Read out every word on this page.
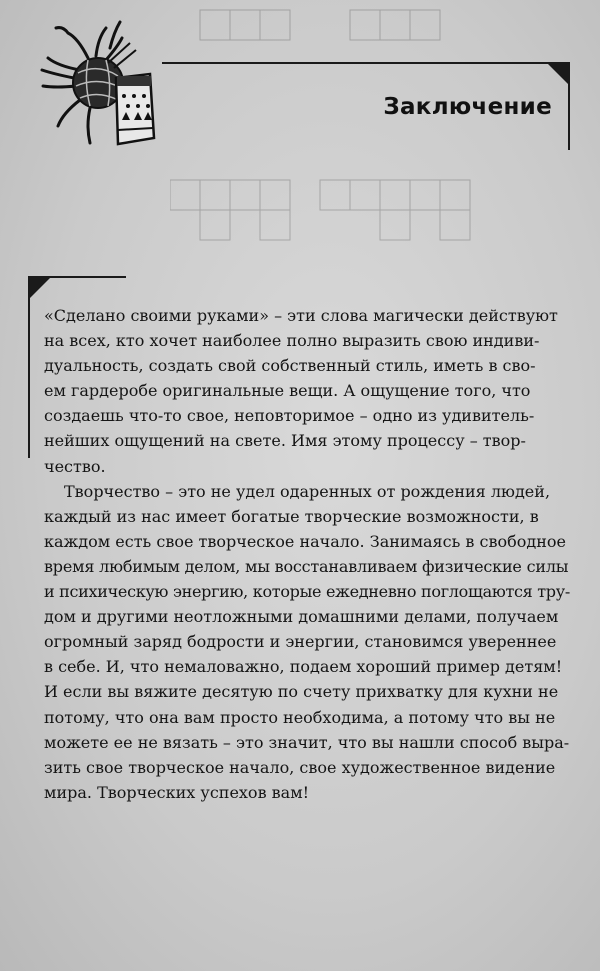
Заключение

«Сделано своими руками» – эти слова магически действуют
на всех, кто хочет наиболее полно выразить свою индиви-
дуальность, создать свой собственный стиль, иметь в сво-
ем гардеробе оригинальные вещи. А ощущение того, что
создаешь что-то свое, неповторимое – одно из удивитель-
нейших ощущений на свете. Имя этому процессу – твор-
чество.

Творчество – это не удел одаренных от рождения людей,
каждый из нас имеет богатые творческие возможности, в
каждом есть свое творческое начало. Занимаясь в свободное
время любимым делом, мы восстанавливаем физические силы
и психическую энергию, которые ежедневно поглощаются тру-
дом и другими неотложными домашними делами, получаем
огромный заряд бодрости и энергии, становимся увереннее
в себе. И, что немаловажно, подаем хороший пример детям!
И если вы вяжите десятую по счету прихватку для кухни не
потому, что она вам просто необходима, а потому что вы не
можете ее не вязать – это значит, что вы нашли способ выра-
зить свое творческое начало, свое художественное видение
мира. Творческих успехов вам!
